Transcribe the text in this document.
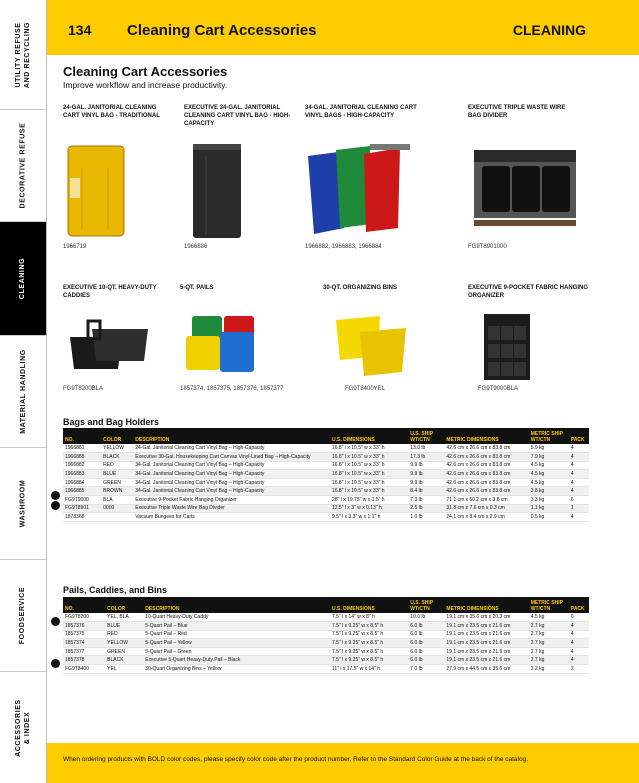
UTILITY REFUSE
AND RECYCLING
DECORATIVE REFUSE
CLEANING
MATERIAL HANDLING
WASHROOM
FOODSERVICE
ACCESSORIES
& INDEX
134 Cleaning Cart Accessories	CLEANING
Cleaning Cart Accessories
Improve workflow and increase productivity.
24-GAL. JANITORIAL CLEANING CART VINYL BAG - TRADITIONAL
1966719
EXECUTIVE 34-GAL. JANITORIAL CLEANING CART VINYL BAG - HIGH-CAPACITY
1966886
34-GAL. JANITORIAL CLEANING CART VINYL BAGS - HIGH-CAPACITY
1966882, 1966883, 1966884
EXECUTIVE TRIPLE WASTE WIRE BAG DIVIDER
FG9T8901000
EXECUTIVE 10-QT. HEAVY-DUTY CADDIES
FG9T8200BLA
5-QT. PAILS
1857374, 1857375, 1857376, 1857377
30-QT. ORGANIZING BINS
FG9T8400YEL
EXECUTIVE 9-POCKET FABRIC HANGING ORGANIZER
FG9T9000BLA
Bags and Bag Holders
NO.	COLOR	DESCRIPTION	U.S. DIMENSIONS	U.S. SHIP WT/CTN	METRIC DIMENSIONS	METRIC SHIP WT/CTN	PACK
1966881	YELLOW	24-Gal. Janitorial Cleaning Cart Vinyl Bag – High-Capacity	16.8" l x 10.5" w x 33" h	13.0 lb	42.6 cm x 26.6 cm x 83.8 cm	5.9 kg	4
1966888	BLACK	Executive 30-Gal. Housekeeping Cart Canvas Vinyl-Lined Bag – High-Capacity	16.8" l x 10.5" w x 33" h	17.3 lb	42.6 cm x 26.6 cm x 83.8 cm	7.9 kg	4
1966882	RED	34-Gal. Janitorial Cleaning Cart Vinyl Bag – High-Capacity	16.8" l x 10.5" w x 33" h	9.9 lb	42.6 cm x 26.6 cm x 83.8 cm	4.5 kg	4
1966883	BLUE	34-Gal. Janitorial Cleaning Cart Vinyl Bag – High-Capacity	16.8" l x 10.5" w x 33" h	9.9 lb	42.6 cm x 26.6 cm x 83.8 cm	4.5 kg	4
1966884	GREEN	34-Gal. Janitorial Cleaning Cart Vinyl Bag – High-Capacity	16.8" l x 10.5" w x 33" h	9.9 lb	42.6 cm x 26.6 cm x 83.8 cm	4.5 kg	4
1966885	BROWN	34-Gal. Janitorial Cleaning Cart Vinyl Bag – High-Capacity	16.8" l x 10.5" w x 33" h	8.4 lb	42.6 cm x 26.6 cm x 83.8 cm	3.8 kg	4
FG9T9000	BLA	Executive 9-Pocket Fabric Hanging Organizer	28" l x 19.75" w x 1.5" h	7.3 lb	71.1 cm x 50.2 cm x 3.8 cm	3.3 kg	6
FG9T8901	0000	Executive Triple Waste Wire Bag Divider	12.5" l x 3" w x 0.13" h	2.5 lb	31.8 cm x 7.6 cm x 0.3 cm	1.1 kg	1
1878368		Vacuum Bungees for Carts	9.5" l x 3.3" w x 1.1" h	1.0 lb	24.1 cm x 8.4 cm x 2.9 cm	0.5 kg	4
Pails, Caddies, and Bins
NO.	COLOR	DESCRIPTION	U.S. DIMENSIONS	U.S. SHIP WT/CTN	METRIC DIMENSIONS	METRIC SHIP WT/CTN	PACK
FG9T8200	YEL, BLA	10-Quart Heavy-Duty Caddy	7.5" l x 14" w x 8" h	10.0 lb	19.1 cm x 35.6 cm x 20.3 cm	4.5 kg	6
1857376	BLUE	5-Quart Pail – Blue	7.5" l x 9.25" w x 8.5" h	6.0 lb	19.1 cm x 23.5 cm x 21.6 cm	2.7 kg	4
1857375	RED	5-Quart Pail – Red	7.5" l x 9.25" w x 8.5" h	6.0 lb	19.1 cm x 23.5 cm x 21.6 cm	2.7 kg	4
1857374	YELLOW	5-Quart Pail – Yellow	7.5" l x 9.25" w x 8.5" h	6.0 lb	19.1 cm x 23.5 cm x 21.6 cm	2.7 kg	4
1857377	GREEN	5-Quart Pail – Green	7.5" l x 9.25" w x 8.5" h	6.0 lb	19.1 cm x 23.5 cm x 21.6 cm	2.7 kg	4
1857378	BLACK	Executive 5-Quart Heavy-Duty Pail – Black	7.5" l x 9.25" w x 8.5" h	6.0 lb	19.1 cm x 23.5 cm x 21.6 cm	2.7 kg	4
FG9T8400	YEL	30-Quart Organizing Bins – Yellow	11" l x 17.5" w x 14" h	7.0 lb	27.9 cm x 44.5 cm x 35.6 cm	3.2 kg	2
When ordering products with BOLD color codes, please specify color code after the product number. Refer to the Standard Color Guide at the back of the catalog.
